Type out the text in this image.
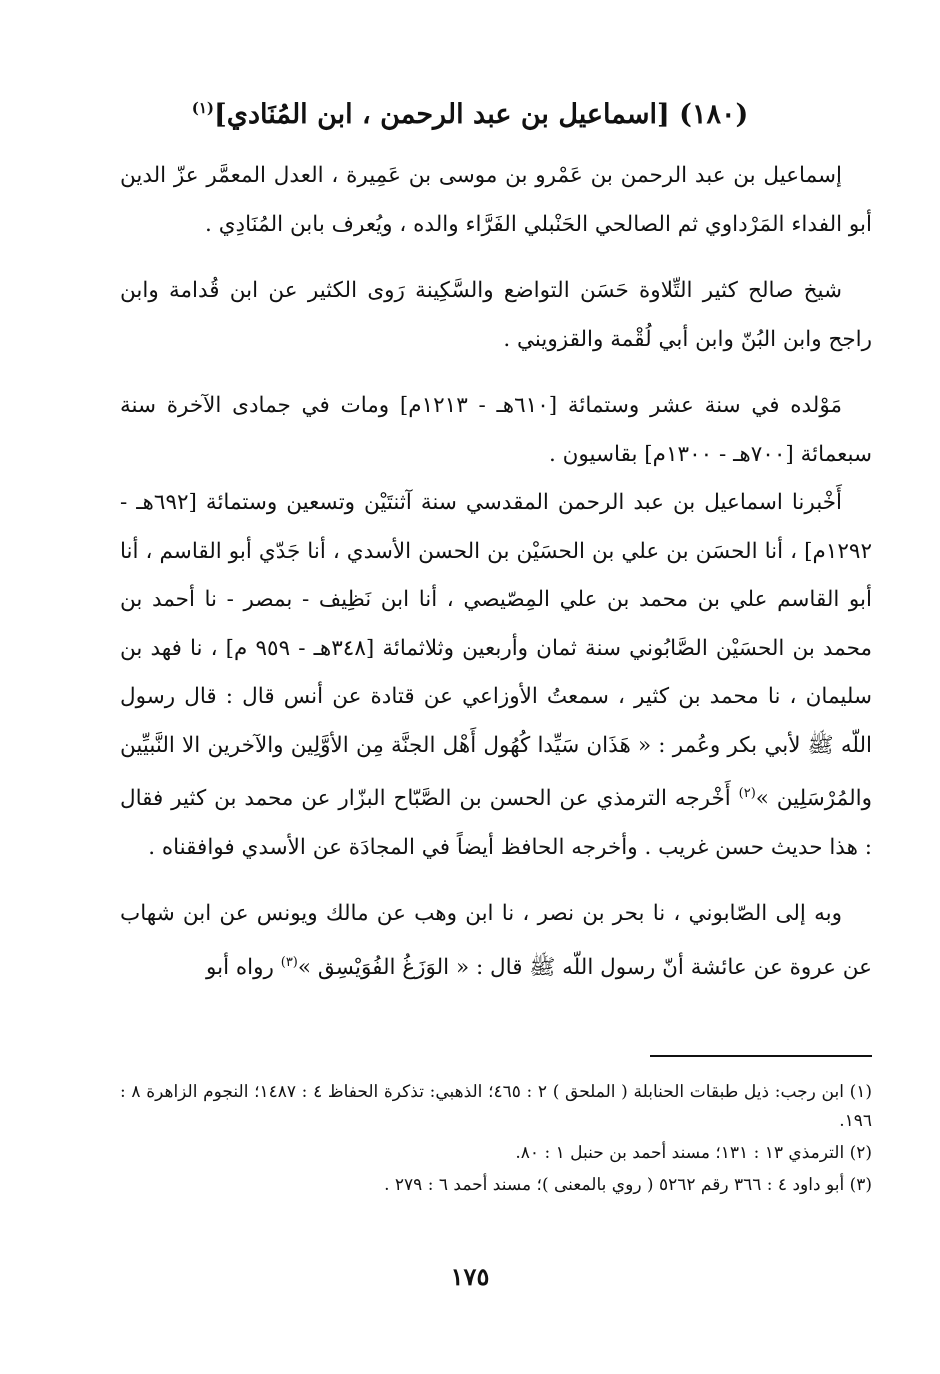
(١٨٠) [اسماعيل بن عبد الرحمن ، ابن المُنَادي]$^{(١)}$

إسماعيل بن عبد الرحمن بن عَمْرو بن موسى بن عَمِيرة ، العدل المعمَّر عزّ الدين أبو الفداء المَرْداوي ثم الصالحي الحَنْبلي الفَرَّاء والده ، ويُعرف بابن المُنَادِي .

شيخ صالح كثير التِّلاوة حَسَن التواضع والسَّكِينة رَوى الكثير عن ابن قُدامة وابن راجح وابن البُنّ وابن أبي لُقْمة والقزويني .

مَوْلده في سنة عشر وستمائة [٦١٠هـ - ١٢١٣م] ومات في جمادى الآخرة سنة سبعمائة [٧٠٠هـ - ١٣٠٠م] بقاسيون .

أَخْبرنا اسماعيل بن عبد الرحمن المقدسي سنة آثنتَيْن وتسعين وستمائة [٦٩٢هـ - ١٢٩٢م] ، أنا الحسَن بن علي بن الحسَيْن بن الحسن الأسدي ، أنا جَدّي أبو القاسم ، أنا أبو القاسم علي بن محمد بن علي المِصّيصي ، أنا ابن نَظِيف - بمصر - نا أحمد بن محمد بن الحسَيْن الصَّابُوني سنة ثمان وأربعين وثلاثمائة [٣٤٨هـ - ٩٥٩ م] ، نا فهد بن سليمان ، نا محمد بن كثير ، سمعتُ الأوزاعي عن قتادة عن أنس قال : قال رسول اللّه ﷺ لأبي بكر وعُمر : « هَذَان سَيِّدا كُهُول أَهْل الجنَّة مِن الأوَّلِين والآخرين الا النَّبيِّين والمُرْسَلِين »$^{(٢)}$ أَخْرجه الترمذي عن الحسن بن الصَّبّاح البزّار عن محمد بن كثير فقال : هذا حديث حسن غريب . وأخرجه الحافظ أيضاً في المجادَة عن الأسدي فوافقناه .

وبه إلى الصّابوني ، نا بحر بن نصر ، نا ابن وهب عن مالك ويونس عن ابن شهاب عن عروة عن عائشة أنّ رسول اللّه ﷺ قال : « الوَزَغُ الفُوَيْسِق »$^{(٣)}$ رواه أبو

(١) ابن رجب: ذيل طبقات الحنابلة ( الملحق ) ٢ : ٤٦٥؛ الذهبي: تذكرة الحفاظ ٤ : ١٤٨٧؛ النجوم الزاهرة ٨ : ١٩٦.

(٢) الترمذي ١٣ : ١٣١؛ مسند أحمد بن حنبل ١ : ٨٠.

(٣) أبو داود ٤ : ٣٦٦ رقم ٥٢٦٢ ( روي بالمعنى )؛ مسند أحمد ٦ : ٢٧٩ .

١٧٥
